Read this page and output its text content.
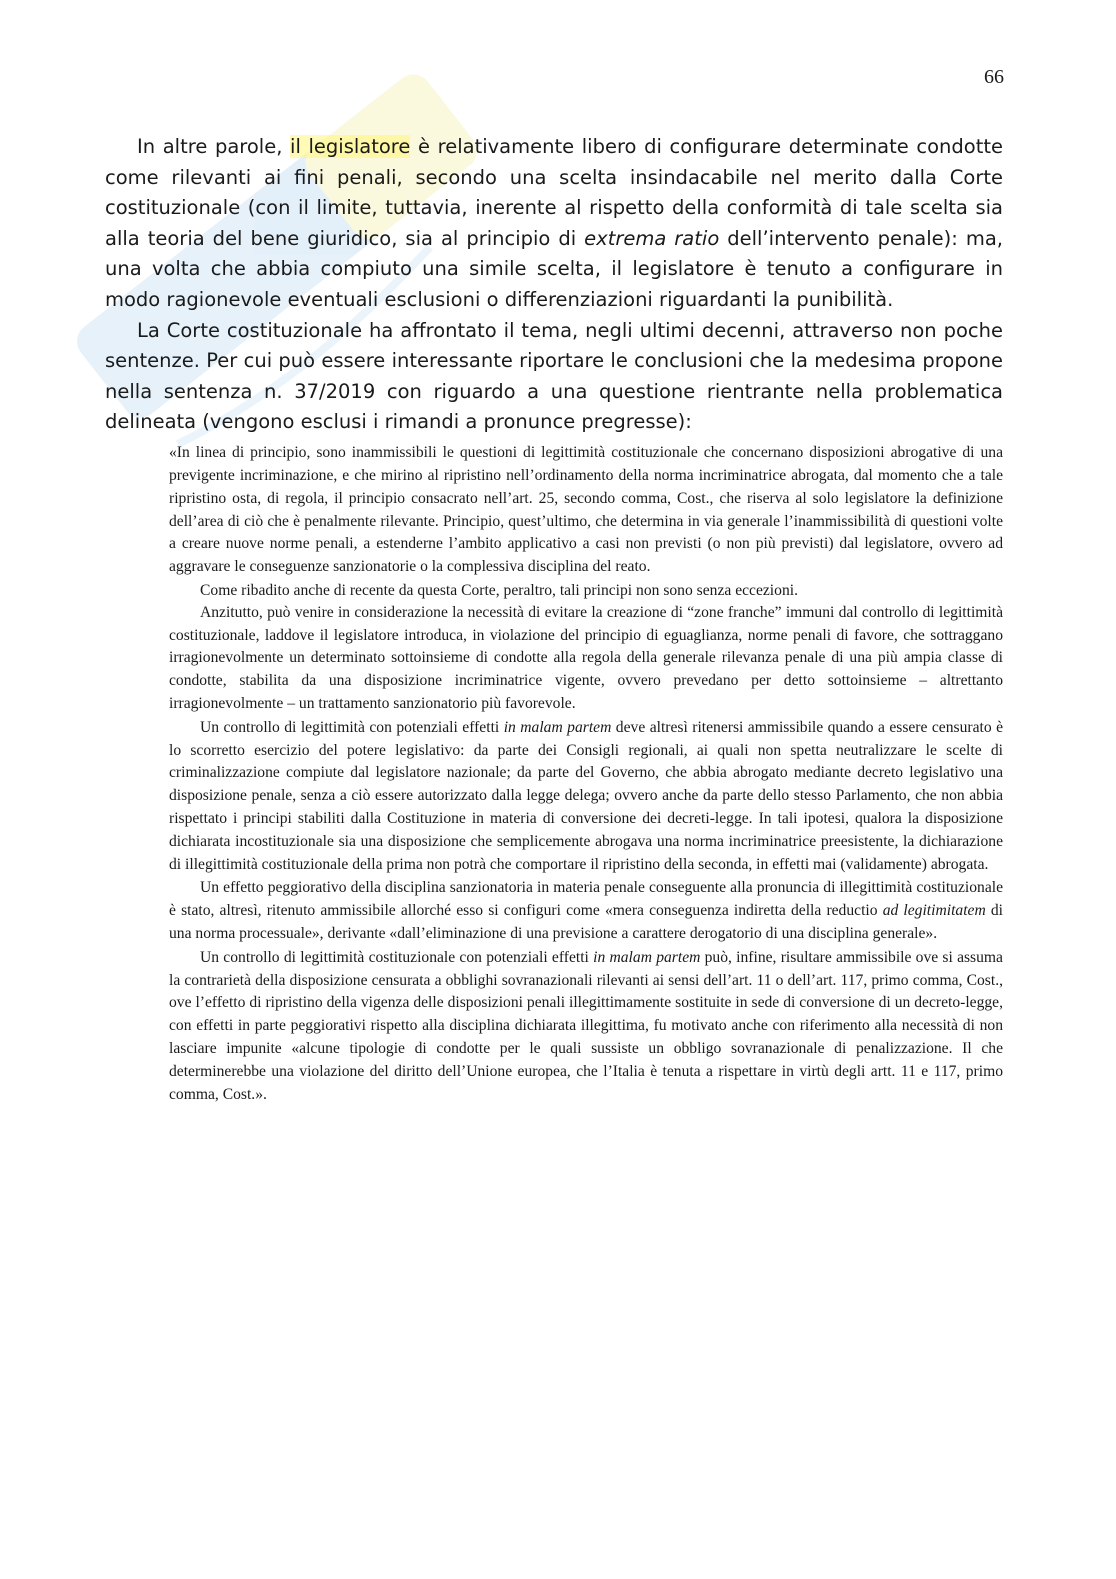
66

In altre parole, il legislatore è relativamente libero di configurare determinate condotte come rilevanti ai fini penali, secondo una scelta insindacabile nel merito dalla Corte costituzionale (con il limite, tuttavia, inerente al rispetto della conformità di tale scelta sia alla teoria del bene giuridico, sia al principio di extrema ratio dell’intervento penale): ma, una volta che abbia compiuto una simile scelta, il legislatore è tenuto a configurare in modo ragionevole eventuali esclusioni o differenziazioni riguardanti la punibilità.

La Corte costituzionale ha affrontato il tema, negli ultimi decenni, attraverso non poche sentenze. Per cui può essere interessante riportare le conclusioni che la medesima propone nella sentenza n. 37/2019 con riguardo a una questione rientrante nella problematica delineata (vengono esclusi i rimandi a pronunce pregresse):

«In linea di principio, sono inammissibili le questioni di legittimità costituzionale che concernano disposizioni abrogative di una previgente incriminazione, e che mirino al ripristino nell’ordinamento della norma incriminatrice abrogata, dal momento che a tale ripristino osta, di regola, il principio consacrato nell’art. 25, secondo comma, Cost., che riserva al solo legislatore la definizione dell’area di ciò che è penalmente rilevante. Principio, quest’ultimo, che determina in via generale l’inammissibilità di questioni volte a creare nuove norme penali, a estenderne l’ambito applicativo a casi non previsti (o non più previsti) dal legislatore, ovvero ad aggravare le conseguenze sanzionatorie o la complessiva disciplina del reato.

Come ribadito anche di recente da questa Corte, peraltro, tali principi non sono senza eccezioni.

Anzitutto, può venire in considerazione la necessità di evitare la creazione di “zone franche” immuni dal controllo di legittimità costituzionale, laddove il legislatore introduca, in violazione del principio di eguaglianza, norme penali di favore, che sottraggano irragionevolmente un determinato sottoinsieme di condotte alla regola della generale rilevanza penale di una più ampia classe di condotte, stabilita da una disposizione incriminatrice vigente, ovvero prevedano per detto sottoinsieme – altrettanto irragionevolmente – un trattamento sanzionatorio più favorevole.

Un controllo di legittimità con potenziali effetti in malam partem deve altresì ritenersi ammissibile quando a essere censurato è lo scorretto esercizio del potere legislativo: da parte dei Consigli regionali, ai quali non spetta neutralizzare le scelte di criminalizzazione compiute dal legislatore nazionale; da parte del Governo, che abbia abrogato mediante decreto legislativo una disposizione penale, senza a ciò essere autorizzato dalla legge delega; ovvero anche da parte dello stesso Parlamento, che non abbia rispettato i principi stabiliti dalla Costituzione in materia di conversione dei decreti-legge. In tali ipotesi, qualora la disposizione dichiarata incostituzionale sia una disposizione che semplicemente abrogava una norma incriminatrice preesistente, la dichiarazione di illegittimità costituzionale della prima non potrà che comportare il ripristino della seconda, in effetti mai (validamente) abrogata.

Un effetto peggiorativo della disciplina sanzionatoria in materia penale conseguente alla pronuncia di illegittimità costituzionale è stato, altresì, ritenuto ammissibile allorché esso si configuri come «mera conseguenza indiretta della reductio ad legitimitatem di una norma processuale», derivante «dall’eliminazione di una previsione a carattere derogatorio di una disciplina generale».

Un controllo di legittimità costituzionale con potenziali effetti in malam partem può, infine, risultare ammissibile ove si assuma la contrarietà della disposizione censurata a obblighi sovranazionali rilevanti ai sensi dell’art. 11 o dell’art. 117, primo comma, Cost., ove l’effetto di ripristino della vigenza delle disposizioni penali illegittimamente sostituite in sede di conversione di un decreto-legge, con effetti in parte peggiorativi rispetto alla disciplina dichiarata illegittima, fu motivato anche con riferimento alla necessità di non lasciare impunite «alcune tipologie di condotte per le quali sussiste un obbligo sovranazionale di penalizzazione. Il che determinerebbe una violazione del diritto dell’Unione europea, che l’Italia è tenuta a rispettare in virtù degli artt. 11 e 117, primo comma, Cost.».
